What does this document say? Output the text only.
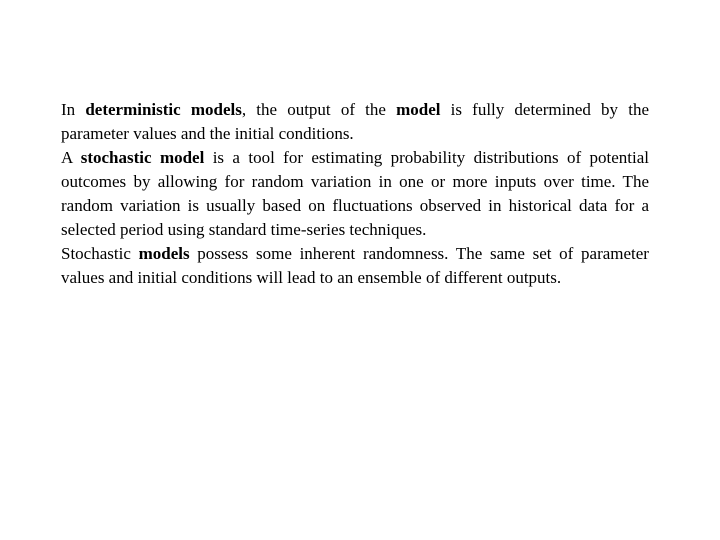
In deterministic models, the output of the model is fully determined by the parameter values and the initial conditions.

A stochastic model is a tool for estimating probability distributions of potential outcomes by allowing for random variation in one or more inputs over time. The random variation is usually based on fluctuations observed in historical data for a selected period using standard time-series techniques.

Stochastic models possess some inherent randomness. The same set of parameter values and initial conditions will lead to an ensemble of different outputs.
